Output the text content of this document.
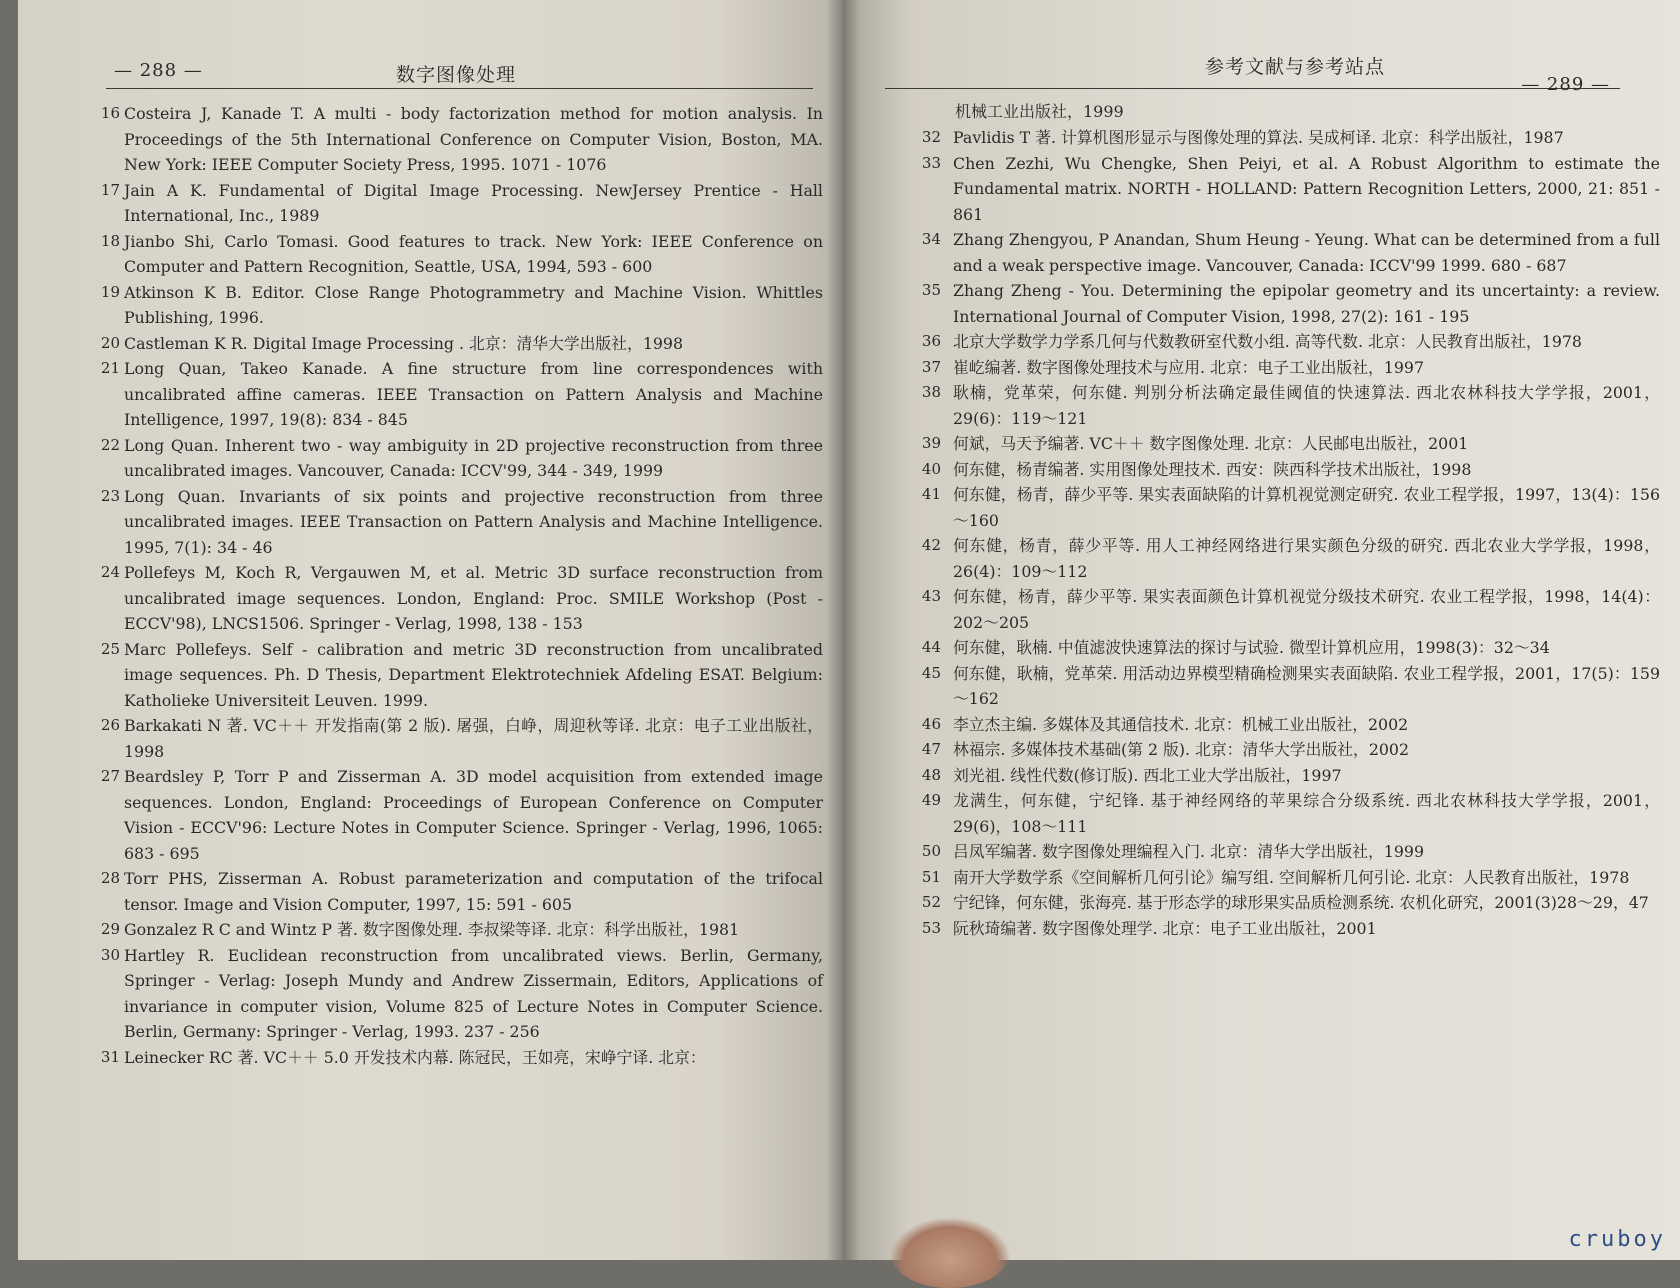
— 288 —	数字图像处理
16 Costeira J, Kanade T. A multi - body factorization method for motion analysis. In Proceedings of the 5th International Conference on Computer Vision, Boston, MA. New York: IEEE Computer Society Press, 1995. 1071 - 1076
17 Jain A K. Fundamental of Digital Image Processing. NewJersey Prentice - Hall International, Inc., 1989
18 Jianbo Shi, Carlo Tomasi. Good features to track. New York: IEEE Conference on Computer and Pattern Recognition, Seattle, USA, 1994, 593 - 600
19 Atkinson K B. Editor. Close Range Photogrammetry and Machine Vision. Whittles Publishing, 1996.
20 Castleman K R. Digital Image Processing . 北京：清华大学出版社，1998
21 Long Quan, Takeo Kanade. A fine structure from line correspondences with uncalibrated affine cameras. IEEE Transaction on Pattern Analysis and Machine Intelligence, 1997, 19(8): 834 - 845
22 Long Quan. Inherent two - way ambiguity in 2D projective reconstruction from three uncalibrated images. Vancouver, Canada: ICCV'99, 344 - 349, 1999
23 Long Quan. Invariants of six points and projective reconstruction from three uncalibrated images. IEEE Transaction on Pattern Analysis and Machine Intelligence. 1995, 7(1): 34 - 46
24 Pollefeys M, Koch R, Vergauwen M, et al. Metric 3D surface reconstruction from uncalibrated image sequences. London, England: Proc. SMILE Workshop (Post - ECCV'98), LNCS1506. Springer - Verlag, 1998, 138 - 153
25 Marc Pollefeys. Self - calibration and metric 3D reconstruction from uncalibrated image sequences. Ph. D Thesis, Department Elektrotechniek Afdeling ESAT. Belgium: Katholieke Universiteit Leuven. 1999.
26 Barkakati N 著. VC＋＋ 开发指南(第 2 版). 屠强，白峥，周迎秋等译. 北京：电子工业出版社，1998
27 Beardsley P, Torr P and Zisserman A. 3D model acquisition from extended image sequences. London, England: Proceedings of European Conference on Computer Vision - ECCV'96: Lecture Notes in Computer Science. Springer - Verlag, 1996, 1065: 683 - 695
28 Torr PHS, Zisserman A. Robust parameterization and computation of the trifocal tensor. Image and Vision Computer, 1997, 15: 591 - 605
29 Gonzalez R C and Wintz P 著. 数字图像处理. 李叔梁等译. 北京：科学出版社，1981
30 Hartley R. Euclidean reconstruction from uncalibrated views. Berlin, Germany, Springer - Verlag: Joseph Mundy and Andrew Zissermain, Editors, Applications of invariance in computer vision, Volume 825 of Lecture Notes in Computer Science. Berlin, Germany: Springer - Verlag, 1993. 237 - 256
31 Leinecker RC 著. VC＋＋ 5.0 开发技术内幕. 陈冠民，王如亮，宋峥宁译. 北京：
参考文献与参考站点
— 289 —
机械工业出版社，1999
32 Pavlidis T 著. 计算机图形显示与图像处理的算法. 吴成柯译. 北京：科学出版社，1987
33 Chen Zezhi, Wu Chengke, Shen Peiyi, et al. A Robust Algorithm to estimate the Fundamental matrix. NORTH - HOLLAND: Pattern Recognition Letters, 2000, 21: 851 - 861
34 Zhang Zhengyou, P Anandan, Shum Heung - Yeung. What can be determined from a full and a weak perspective image. Vancouver, Canada: ICCV'99 1999. 680 - 687
35 Zhang Zheng - You. Determining the epipolar geometry and its uncertainty: a review. International Journal of Computer Vision, 1998, 27(2): 161 - 195
36 北京大学数学力学系几何与代数教研室代数小组. 高等代数. 北京：人民教育出版社，1978
37 崔屹编著. 数字图像处理技术与应用. 北京：电子工业出版社，1997
38 耿楠，党革荣，何东健. 判别分析法确定最佳阈值的快速算法. 西北农林科技大学学报，2001，29(6)：119～121
39 何斌，马天予编著. VC＋＋ 数字图像处理. 北京：人民邮电出版社，2001
40 何东健，杨青编著. 实用图像处理技术. 西安：陕西科学技术出版社，1998
41 何东健，杨青，薛少平等. 果实表面缺陷的计算机视觉测定研究. 农业工程学报，1997，13(4)：156～160
42 何东健，杨青，薛少平等. 用人工神经网络进行果实颜色分级的研究. 西北农业大学学报，1998，26(4)：109～112
43 何东健，杨青，薛少平等. 果实表面颜色计算机视觉分级技术研究. 农业工程学报，1998，14(4)：202～205
44 何东健，耿楠. 中值滤波快速算法的探讨与试验. 微型计算机应用，1998(3)：32～34
45 何东健，耿楠，党革荣. 用活动边界模型精确检测果实表面缺陷. 农业工程学报，2001，17(5)：159～162
46 李立杰主编. 多媒体及其通信技术. 北京：机械工业出版社，2002
47 林福宗. 多媒体技术基础(第 2 版). 北京：清华大学出版社，2002
48 刘光祖. 线性代数(修订版). 西北工业大学出版社，1997
49 龙满生，何东健，宁纪锋. 基于神经网络的苹果综合分级系统. 西北农林科技大学学报，2001，29(6)，108～111
50 吕凤军编著. 数字图像处理编程入门. 北京：清华大学出版社，1999
51 南开大学数学系《空间解析几何引论》编写组. 空间解析几何引论. 北京：人民教育出版社，1978
52 宁纪锋，何东健，张海亮. 基于形态学的球形果实品质检测系统. 农机化研究，2001(3)28～29，47
53 阮秋琦编著. 数字图像处理学. 北京：电子工业出版社，2001
cruboy
